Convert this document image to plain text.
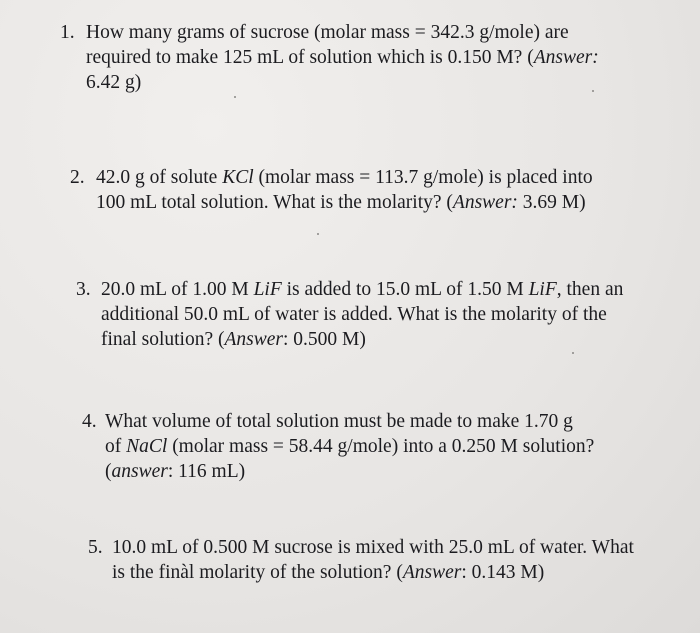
1. How many grams of sucrose (molar mass = 342.3 g/mole) are
required to make 125 mL of solution which is 0.150 M? (Answer:
6.42 g)
2. 42.0 g of solute KCl (molar mass = 113.7 g/mole) is placed into
100 mL total solution. What is the molarity? (Answer: 3.69 M)
3. 20.0 mL of 1.00 M LiF is added to 15.0 mL of 1.50 M LiF, then an
additional 50.0 mL of water is added. What is the molarity of the
final solution? (Answer: 0.500 M)
4. What volume of total solution must be made to make 1.70 g
of NaCl (molar mass = 58.44 g/mole) into a 0.250 M solution?
(answer: 116 mL)
5. 10.0 mL of 0.500 M sucrose is mixed with 25.0 mL of water. What
is the finàl molarity of the solution? (Answer: 0.143 M)
